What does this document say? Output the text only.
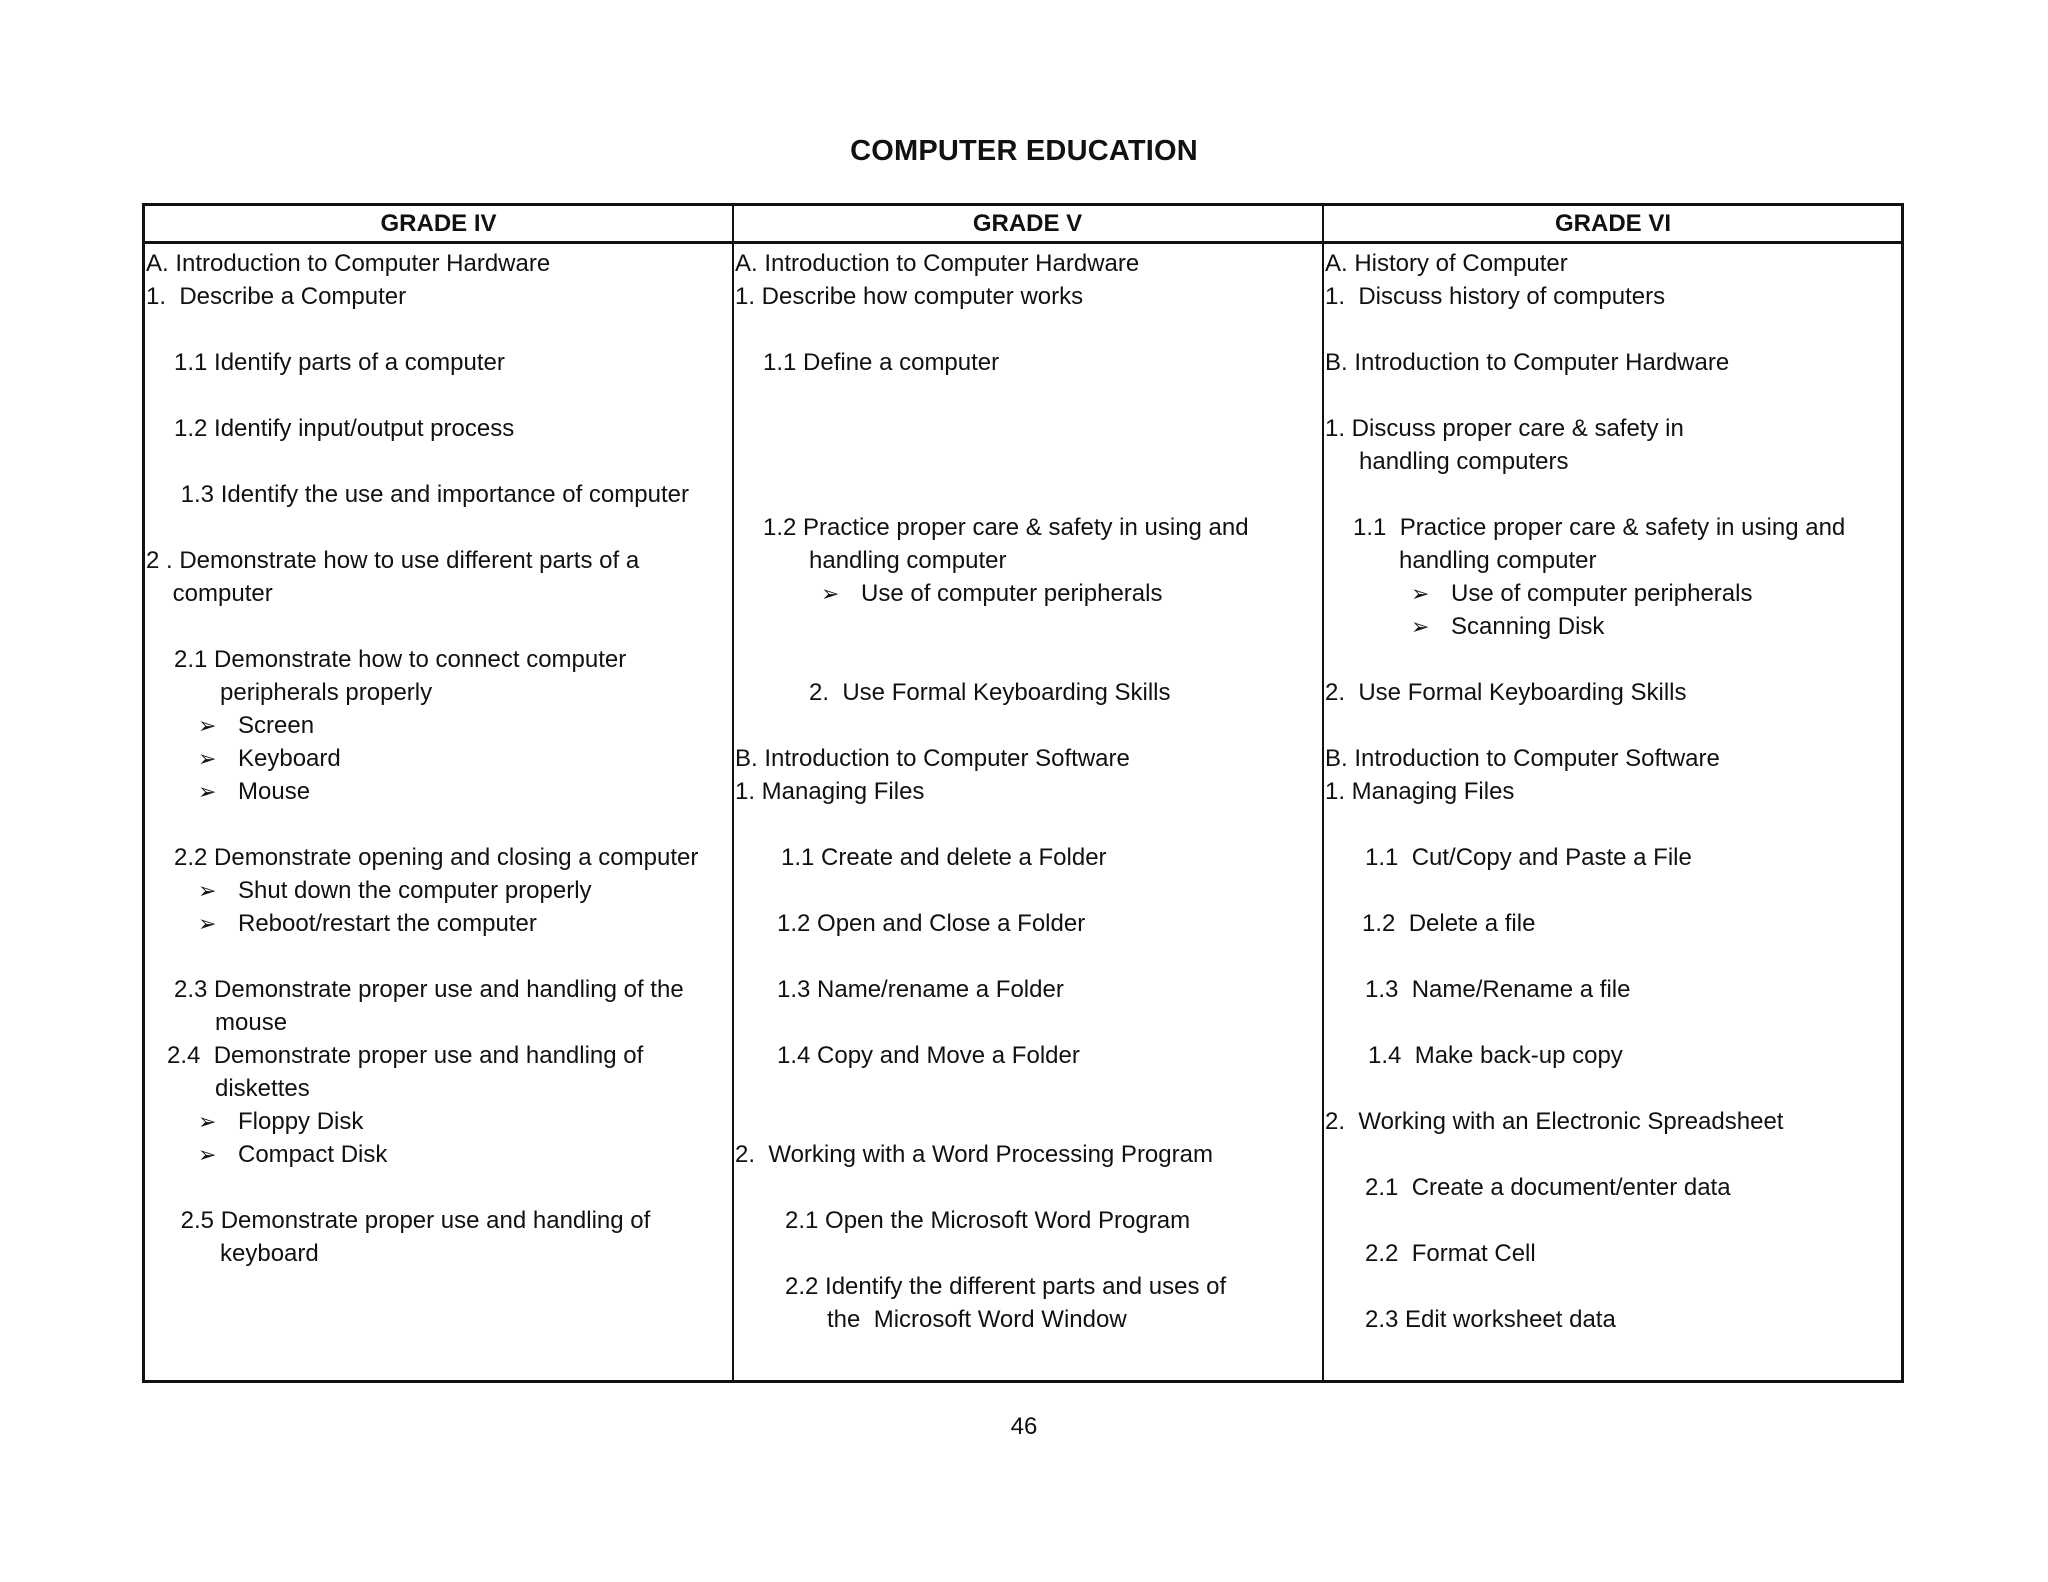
COMPUTER EDUCATION
GRADE IV	GRADE V	GRADE VI
A. Introduction to Computer Hardware
1.  Describe a Computer
1.1 Identify parts of a computer
1.2 Identify input/output process
1.3 Identify the use and importance of computer
2 . Demonstrate how to use different parts of a
computer
2.1 Demonstrate how to connect computer
peripherals properly
➢ Screen
➢ Keyboard
➢ Mouse
2.2 Demonstrate opening and closing a computer
➢ Shut down the computer properly
➢ Reboot/restart the computer
2.3 Demonstrate proper use and handling of the
mouse
2.4  Demonstrate proper use and handling of
diskettes
➢ Floppy Disk
➢ Compact Disk
2.5 Demonstrate proper use and handling of
keyboard
A. Introduction to Computer Hardware
1. Describe how computer works
1.1 Define a computer
1.2 Practice proper care & safety in using and
handling computer
➢ Use of computer peripherals
2.  Use Formal Keyboarding Skills
B. Introduction to Computer Software
1. Managing Files
1.1 Create and delete a Folder
1.2 Open and Close a Folder
1.3 Name/rename a Folder
1.4 Copy and Move a Folder
2.  Working with a Word Processing Program
2.1 Open the Microsoft Word Program
2.2 Identify the different parts and uses of
the  Microsoft Word Window
A. History of Computer
1.  Discuss history of computers
B. Introduction to Computer Hardware
1. Discuss proper care & safety in
handling computers
1.1  Practice proper care & safety in using and
handling computer
➢ Use of computer peripherals
➢ Scanning Disk
2.  Use Formal Keyboarding Skills
B. Introduction to Computer Software
1. Managing Files
1.1  Cut/Copy and Paste a File
1.2  Delete a file
1.3  Name/Rename a file
1.4  Make back-up copy
2.  Working with an Electronic Spreadsheet
2.1  Create a document/enter data
2.2  Format Cell
2.3 Edit worksheet data
46
